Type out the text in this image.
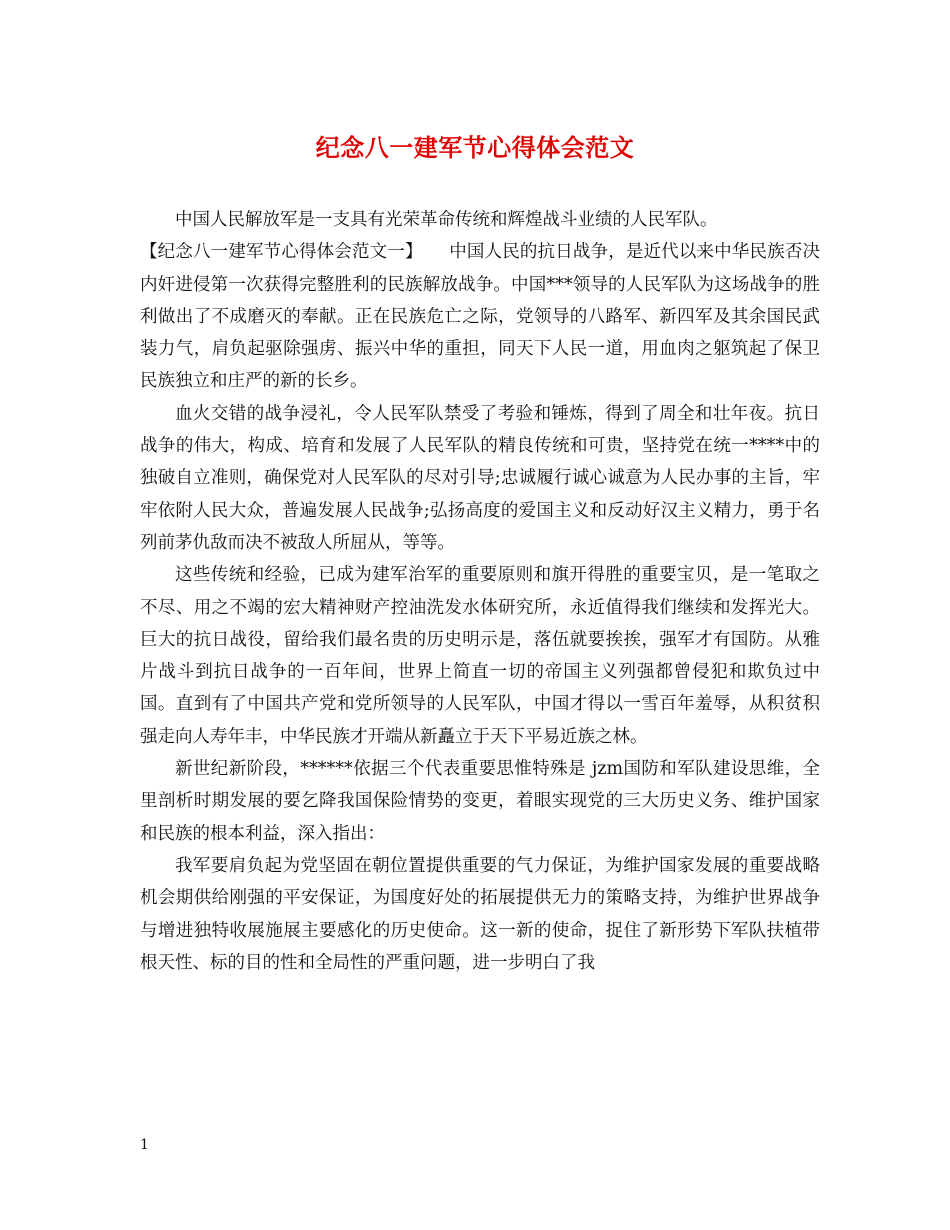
纪念八一建军节心得体会范文

中国人民解放军是一支具有光荣革命传统和辉煌战斗业绩的人民军队。

【纪念八一建军节心得体会范文一】　　中国人民的抗日战争，是近代以来中华民族否决内奸进侵第一次获得完整胜利的民族解放战争。中国***领导的人民军队为这场战争的胜利做出了不成磨灭的奉献。正在民族危亡之际，党领导的八路军、新四军及其余国民武装力气，肩负起驱除强虏、振兴中华的重担，同天下人民一道，用血肉之躯筑起了保卫民族独立和庄严的新的长乡。

血火交错的战争浸礼，令人民军队禁受了考验和锤炼，得到了周全和壮年夜。抗日战争的伟大，构成、培育和发展了人民军队的精良传统和可贵，坚持党在统一****中的独破自立准则，确保党对人民军队的尽对引导;忠诚履行诚心诚意为人民办事的主旨，牢牢依附人民大众，普遍发展人民战争;弘扬高度的爱国主义和反动好汉主义精力，勇于名列前茅仇敌而决不被敌人所屈从，等等。

这些传统和经验，已成为建军治军的重要原则和旗开得胜的重要宝贝，是一笔取之不尽、用之不竭的宏大精神财产控油洗发水体研究所，永近值得我们继续和发挥光大。巨大的抗日战役，留给我们最名贵的历史明示是，落伍就要挨挨，强军才有国防。从雅片战斗到抗日战争的一百年间，世界上简直一切的帝国主义列强都曾侵犯和欺负过中国。直到有了中国共产党和党所领导的人民军队，中国才得以一雪百年羞辱，从积贫积强走向人寿年丰，中华民族才开端从新矗立于天下平易近族之林。

新世纪新阶段，******依据三个代表重要思惟特殊是 jzm国防和军队建设思维，全里剖析时期发展的要乞降我国保险情势的变更，着眼实现党的三大历史义务、维护国家和民族的根本利益，深入指出：

我军要肩负起为党坚固在朝位置提供重要的气力保证，为维护国家发展的重要战略机会期供给刚强的平安保证，为国度好处的拓展提供无力的策略支持，为维护世界战争与增进独特收展施展主要感化的历史使命。这一新的使命，捉住了新形势下军队扶植带根天性、标的目的性和全局性的严重问题，进一步明白了我

1
